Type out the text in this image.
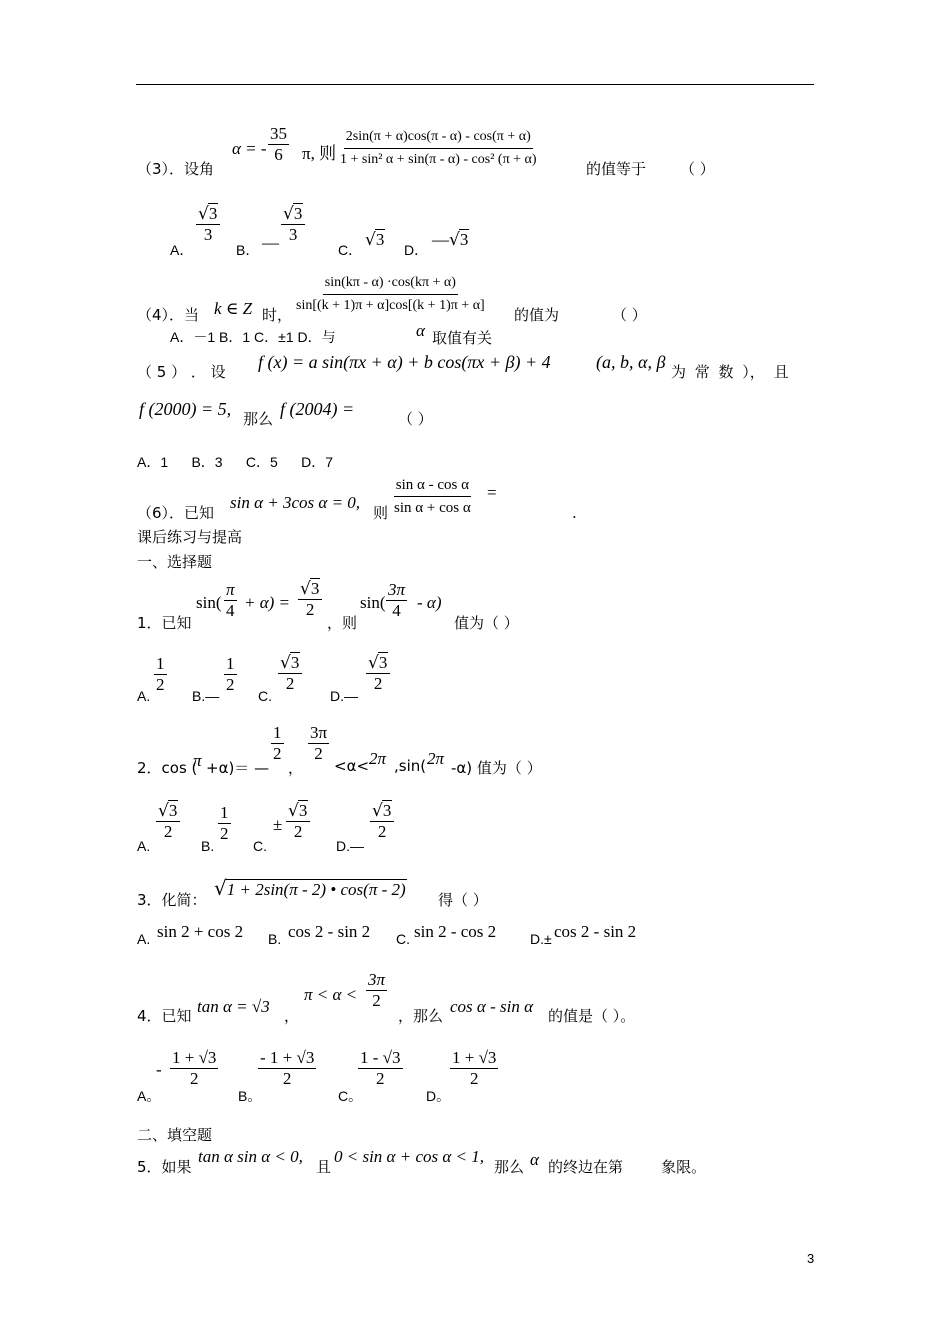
（3）．设角
α = - $\frac{35}{6} \pi$, 则 $\frac{2\sin(\pi + \alpha)\cos(\pi - \alpha) - \cos(\pi + \alpha)}{\text{1 + sin² α + sin(π - α) - cos² (π + α)}}$	的值等于 （ ）
A．
$\frac{√3}{3}$
B． — $\frac{√3}{3}$
C． √3
D．
—√3
（4）．当 k ∈ Z 时， $\frac{\sin(k\pi - \alpha) \cdot\cos(k\pi + \alpha)}{\sin[(k + 1)\pi + \alpha]\cos[(k + 1)\pi + \alpha]}$ 的值为	（ ）
A．－1 B．1 C．±1 D．与	α 取值有关
（ 5 ） ． 设 f (x) = a sin(πx + α) + b cos(πx + β) + 4	(a, b, α, β 为 常 数 ）， 且
f (2000) = 5, 那么 f (2004) =	（ ）
A．1      B．3      C．5      D．7
（6）．已知
sin α + 3cos α = 0,
则 $\frac{\text{sin α - cos α}}{\text{sin α + cos α}}$ =
.
课后练习与提高
一、选择题
1．已知
$\sin( \frac{\pi}{4} + \alpha) = \frac{√3}{2}$
，则
$\sin( \frac{3\pi}{4} - \alpha)$
值为（ ）
A.
$\frac{1}{2}$
B.—
$\frac{1}{2}$
C.
$\frac{√3}{2}$
D.—
$\frac{√3}{2}$
2．cos (
π +α)＝ —
$\frac{1}{2}$
，
$\frac{3\pi}{2}$
<α< 2π ,sin( 2π -α) 值为（ ）
A.
$\frac{√3}{2}$
B.
$\frac{1}{2}$
C.
± $\frac{√3}{2}$
D.—
$\frac{√3}{2}$
3．化简： √1 + 2sin(π - 2) • cos(π - 2)
得（ ）
A. sin 2 + cos 2 B. cos 2 - sin 2 C. sin 2 - cos 2 D.± cos 2 - sin 2
4．已知 tan α = √3 ，
$\pi < \alpha < \frac{3\pi}{2}$
，那么 cos α - sin α 的值是（ ）。
A。
- $\frac{1 + √3}{2}$
B。
$\frac{- 1 + √3}{2}$
C。
$\frac{1 - √3}{2}$
D。
$\frac{1 + √3}{2}$
二、填空题
5．如果
tan α sin α < 0,
且
0 < sin α + cos α < 1,
那么 α 的终边在第        象限。
3
